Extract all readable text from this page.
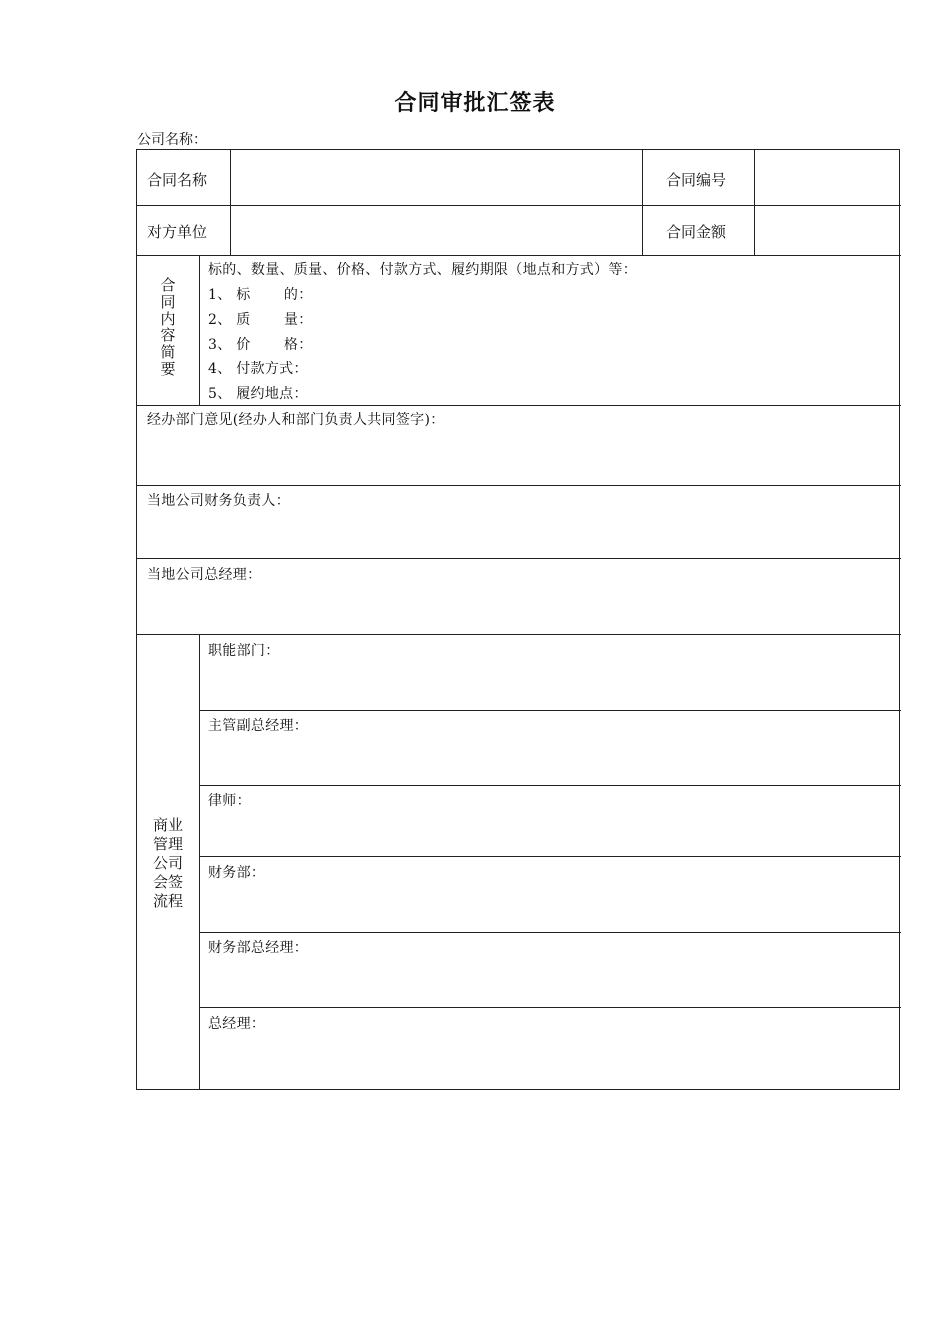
合同审批汇签表
公司名称：
合同名称	合同编号
对方单位	合同金额
合
同
内
容
简
要
标的、数量、质量、价格、付款方式、履约期限（地点和方式）等：
1、 标　　 的：
2、 质　　 量：
3、 价　　 格：
4、 付款方式：
5、 履约地点：
经办部门意见(经办人和部门负责人共同签字)：
当地公司财务负责人：
当地公司总经理：
商业
管理
公司
会签
流程
职能部门：
主管副总经理：
律师：
财务部：
财务部总经理：
总经理：
